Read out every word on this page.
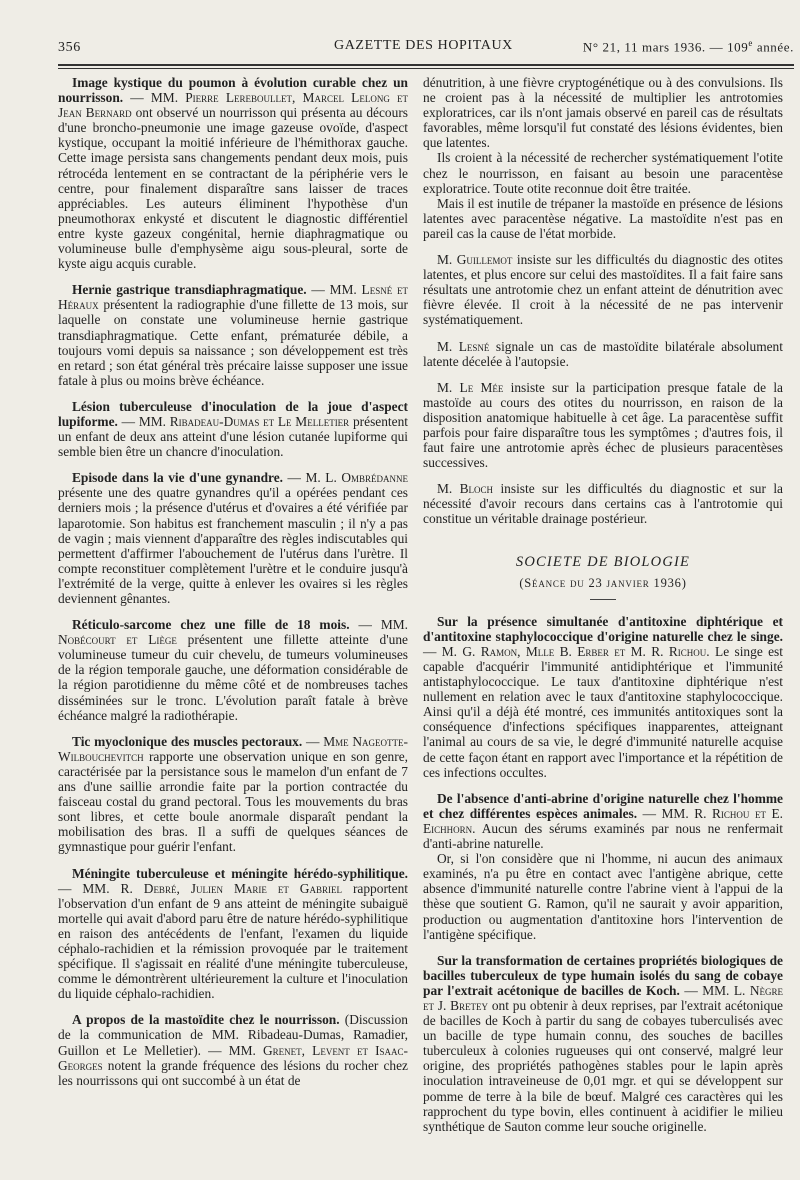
356	GAZETTE DES HOPITAUX	N° 21, 11 mars 1936. — 109e année.

Image kystique du poumon à évolution curable chez un nourrisson. — MM. Pierre Lereboullet, Marcel Lelong et Jean Bernard ont observé un nourrisson qui présenta au décours d'une broncho-pneumonie une image gazeuse ovoïde, d'aspect kystique, occupant la moitié inférieure de l'hémithorax gauche. Cette image persista sans changements pendant deux mois, puis rétrocéda lentement en se contractant de la périphérie vers le centre, pour finalement disparaître sans laisser de traces appréciables. Les auteurs éliminent l'hypothèse d'un pneumothorax enkysté et discutent le diagnostic différentiel entre kyste gazeux congénital, hernie diaphragmatique ou volumineuse bulle d'emphysème aigu sous-pleural, sorte de kyste aigu acquis curable.

Hernie gastrique transdiaphragmatique. — MM. Lesné et Héraux présentent la radiographie d'une fillette de 13 mois, sur laquelle on constate une volumineuse hernie gastrique transdiaphragmatique. Cette enfant, prématurée débile, a toujours vomi depuis sa naissance ; son développement est très en retard ; son état général très précaire laisse supposer une issue fatale à plus ou moins brève échéance.

Lésion tuberculeuse d'inoculation de la joue d'aspect lupiforme. — MM. Ribadeau-Dumas et Le Melletier présentent un enfant de deux ans atteint d'une lésion cutanée lupiforme qui semble bien être un chancre d'inoculation.

Episode dans la vie d'une gynandre. — M. L. Ombrédanne présente une des quatre gynandres qu'il a opérées pendant ces derniers mois ; la présence d'utérus et d'ovaires a été vérifiée par laparotomie. Son habitus est franchement masculin ; il n'y a pas de vagin ; mais viennent d'apparaître des règles indiscutables qui permettent d'affirmer l'abouchement de l'utérus dans l'urètre. Il compte reconstituer complètement l'urètre et le conduire jusqu'à l'extrémité de la verge, quitte à enlever les ovaires si les règles deviennent gênantes.

Réticulo-sarcome chez une fille de 18 mois. — MM. Nobécourt et Liège présentent une fillette atteinte d'une volumineuse tumeur du cuir chevelu, de tumeurs volumineuses de la région temporale gauche, une déformation considérable de la région parotidienne du même côté et de nombreuses taches disséminées sur le tronc. L'évolution paraît fatale à brève échéance malgré la radiothérapie.

Tic myoclonique des muscles pectoraux. — Mme Nageotte-Wilbouchevitch rapporte une observation unique en son genre, caractérisée par la persistance sous le mamelon d'un enfant de 7 ans d'une saillie arrondie faite par la portion contractée du faisceau costal du grand pectoral. Tous les mouvements du bras sont libres, et cette boule anormale disparaît pendant la mobilisation des bras. Il a suffi de quelques séances de gymnastique pour guérir l'enfant.

Méningite tuberculeuse et méningite hérédo-syphilitique. — MM. R. Debré, Julien Marie et Gabriel rapportent l'observation d'un enfant de 9 ans atteint de méningite subaiguë mortelle qui avait d'abord paru être de nature hérédo-syphilitique en raison des antécédents de l'enfant, l'examen du liquide céphalo-rachidien et la rémission provoquée par le traitement spécifique. Il s'agissait en réalité d'une méningite tuberculeuse, comme le démontrèrent ultérieurement la culture et l'inoculation du liquide céphalo-rachidien.

A propos de la mastoïdite chez le nourrisson. (Discussion de la communication de MM. Ribadeau-Dumas, Ramadier, Guillon et Le Melletier). — MM. Grenet, Levent et Isaac-Georges notent la grande fréquence des lésions du rocher chez les nourrissons qui ont succombé à un état de

dénutrition, à une fièvre cryptogénétique ou à des convulsions. Ils ne croient pas à la nécessité de multiplier les antrotomies exploratrices, car ils n'ont jamais observé en pareil cas de résultats favorables, même lorsqu'il fut constaté des lésions évidentes, bien que latentes.

Ils croient à la nécessité de rechercher systématiquement l'otite chez le nourrisson, en faisant au besoin une paracentèse exploratrice. Toute otite reconnue doit être traitée.

Mais il est inutile de trépaner la mastoïde en présence de lésions latentes avec paracentèse négative. La mastoïdite n'est pas en pareil cas la cause de l'état morbide.

M. Guillemot insiste sur les difficultés du diagnostic des otites latentes, et plus encore sur celui des mastoïdites. Il a fait faire sans résultats une antrotomie chez un enfant atteint de dénutrition avec fièvre élevée. Il croit à la nécessité de ne pas intervenir systématiquement.

M. Lesné signale un cas de mastoïdite bilatérale absolument latente décelée à l'autopsie.

M. Le Mée insiste sur la participation presque fatale de la mastoïde au cours des otites du nourrisson, en raison de la disposition anatomique habituelle à cet âge. La paracentèse suffit parfois pour faire disparaître tous les symptômes ; d'autres fois, il faut faire une antrotomie après échec de plusieurs paracentèses successives.

M. Bloch insiste sur les difficultés du diagnostic et sur la nécessité d'avoir recours dans certains cas à l'antrotomie qui constitue un véritable drainage postérieur.

SOCIETE DE BIOLOGIE
(Séance du 23 janvier 1936)

Sur la présence simultanée d'antitoxine diphtérique et d'antitoxine staphylococcique d'origine naturelle chez le singe. — M. G. Ramon, Mlle B. Erber et M. R. Richou. Le singe est capable d'acquérir l'immunité antidiphtérique et l'immunité antistaphylococcique. Le taux d'antitoxine diphtérique n'est nullement en relation avec le taux d'antitoxine staphylococcique. Ainsi qu'il a déjà été montré, ces immunités antitoxiques sont la conséquence d'infections spécifiques inapparentes, atteignant l'animal au cours de sa vie, le degré d'immunité naturelle acquise de cette façon étant en rapport avec l'importance et la répétition de ces infections occultes.

De l'absence d'anti-abrine d'origine naturelle chez l'homme et chez différentes espèces animales. — MM. R. Richou et E. Eichhorn. Aucun des sérums examinés par nous ne renfermait d'anti-abrine naturelle.

Or, si l'on considère que ni l'homme, ni aucun des animaux examinés, n'a pu être en contact avec l'antigène abrique, cette absence d'immunité naturelle contre l'abrine vient à l'appui de la thèse que soutient G. Ramon, qu'il ne saurait y avoir apparition, production ou augmentation d'antitoxine hors l'intervention de l'antigène spécifique.

Sur la transformation de certaines propriétés biologiques de bacilles tuberculeux de type humain isolés du sang de cobaye par l'extrait acétonique de bacilles de Koch. — MM. L. Nègre et J. Bretey ont pu obtenir à deux reprises, par l'extrait acétonique de bacilles de Koch à partir du sang de cobayes tuberculisés avec un bacille de type humain connu, des souches de bacilles tuberculeux à colonies rugueuses qui ont conservé, malgré leur origine, des propriétés pathogènes stables pour le lapin après inoculation intraveineuse de 0,01 mgr. et qui se développent sur pomme de terre à la bile de bœuf. Malgré ces caractères qui les rapprochent du type bovin, elles continuent à acidifier le milieu synthétique de Sauton comme leur souche originelle.
